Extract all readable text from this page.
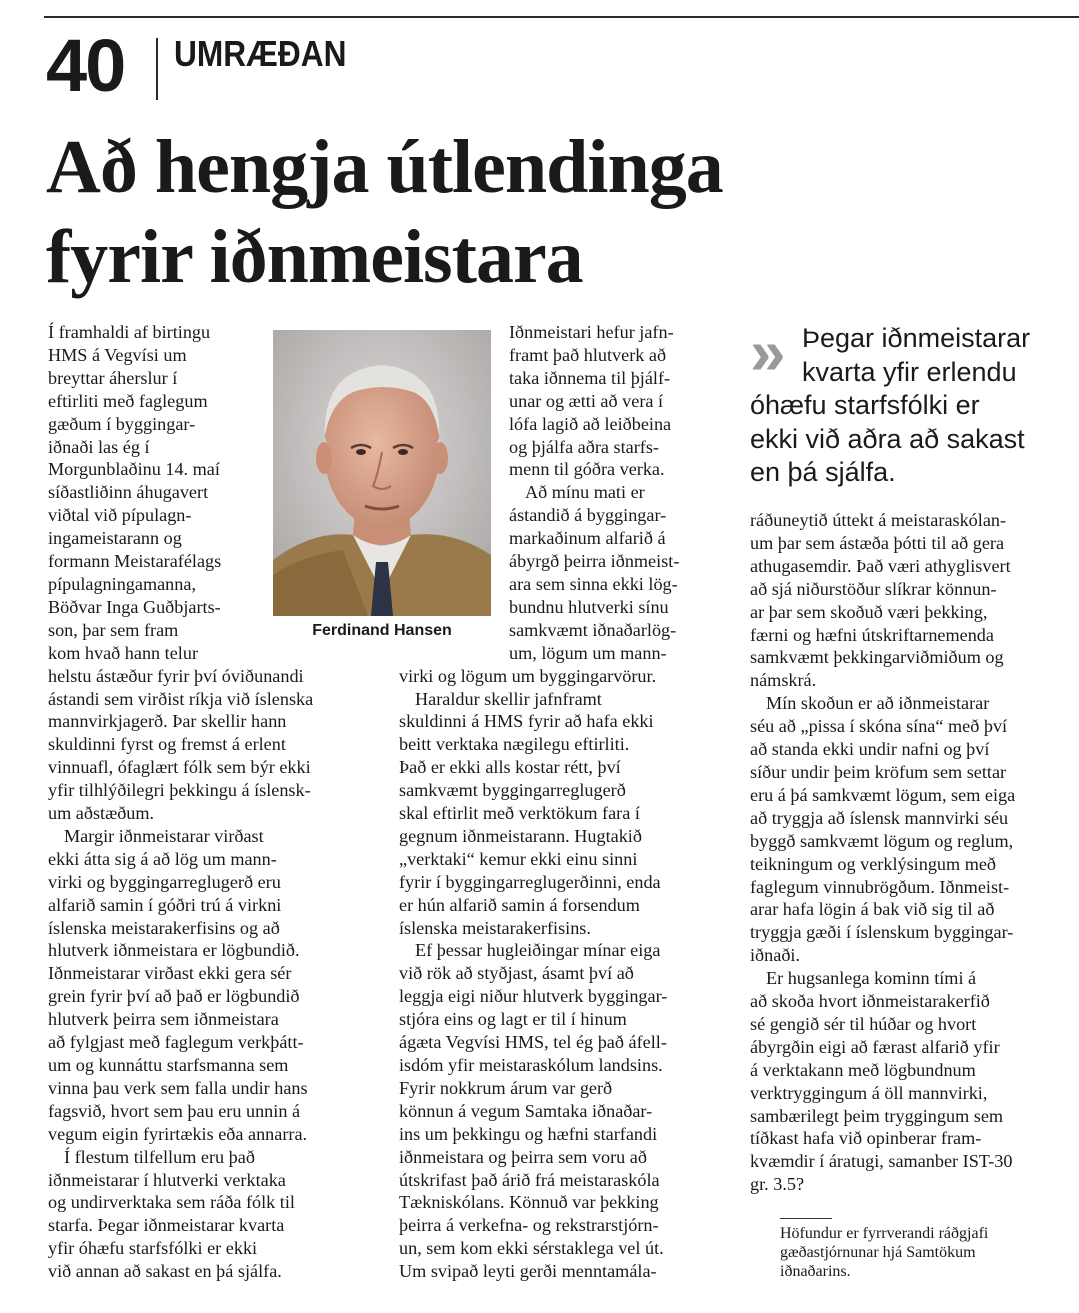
40 UMRÆÐAN
Að hengja útlendinga
fyrir iðnmeistara
Í framhaldi af birtingu
HMS á Vegvísi um
breyttar áherslur í
eftirliti með faglegum
gæðum í byggingar-
iðnaði las ég í
Morgunblaðinu 14. maí
síðastliðinn áhugavert
viðtal við pípulagn-
ingameistarann og
formann Meistarafélags
pípulagningamanna,
Böðvar Inga Guðbjarts-
son, þar sem fram
kom hvað hann telur
helstu ástæður fyrir því óviðunandi
ástandi sem virðist ríkja við íslenska
mannvirkjagerð. Þar skellir hann
skuldinni fyrst og fremst á erlent
vinnuafl, ófaglært fólk sem býr ekki
yfir tilhlýðilegri þekkingu á íslensk-
um aðstæðum.
Margir iðnmeistarar virðast
ekki átta sig á að lög um mann-
virki og byggingarreglugerð eru
alfarið samin í góðri trú á virkni
íslenska meistarakerfisins og að
hlutverk iðnmeistara er lögbundið.
Iðnmeistarar virðast ekki gera sér
grein fyrir því að það er lögbundið
hlutverk þeirra sem iðnmeistara
að fylgjast með faglegum verkþátt-
um og kunnáttu starfsmanna sem
vinna þau verk sem falla undir hans
fagsvið, hvort sem þau eru unnin á
vegum eigin fyrirtækis eða annarra.
Í flestum tilfellum eru það
iðnmeistarar í hlutverki verktaka
og undirverktaka sem ráða fólk til
starfa. Þegar iðnmeistarar kvarta
yfir óhæfu starfsfólki er ekki
við annan að sakast en þá sjálfa.
Ferdinand Hansen
Iðnmeistari hefur jafn-
framt það hlutverk að
taka iðnnema til þjálf-
unar og ætti að vera í
lófa lagið að leiðbeina
og þjálfa aðra starfs-
menn til góðra verka.
Að mínu mati er
ástandið á byggingar-
markaðinum alfarið á
ábyrgð þeirra iðnmeist-
ara sem sinna ekki lög-
bundnu hlutverki sínu
samkvæmt iðnaðarlög-
um, lögum um mann-
virki og lögum um byggingarvörur.
Haraldur skellir jafnframt
skuldinni á HMS fyrir að hafa ekki
beitt verktaka nægilegu eftirliti.
Það er ekki alls kostar rétt, því
samkvæmt byggingarreglugerð
skal eftirlit með verktökum fara í
gegnum iðnmeistarann. Hugtakið
„verktaki“ kemur ekki einu sinni
fyrir í byggingarreglugerðinni, enda
er hún alfarið samin á forsendum
íslenska meistarakerfisins.
Ef þessar hugleiðingar mínar eiga
við rök að styðjast, ásamt því að
leggja eigi niður hlutverk byggingar-
stjóra eins og lagt er til í hinum
ágæta Vegvísi HMS, tel ég það áfell-
isdóm yfir meistaraskólum landsins.
Fyrir nokkrum árum var gerð
könnun á vegum Samtaka iðnaðar-
ins um þekkingu og hæfni starfandi
iðnmeistara og þeirra sem voru að
útskrifast það árið frá meistaraskóla
Tækniskólans. Könnuð var þekking
þeirra á verkefna- og rekstrarstjórn-
un, sem kom ekki sérstaklega vel út.
Um svipað leyti gerði menntamála-
» Þegar iðnmeistarar
kvarta yfir erlendu
óhæfu starfsfólki er
ekki við aðra að sakast
en þá sjálfa.
ráðuneytið úttekt á meistaraskólan-
um þar sem ástæða þótti til að gera
athugasemdir. Það væri athyglisvert
að sjá niðurstöður slíkrar könnun-
ar þar sem skoðuð væri þekking,
færni og hæfni útskriftarnemenda
samkvæmt þekkingarviðmiðum og
námskrá.
Mín skoðun er að iðnmeistarar
séu að „pissa í skóna sína“ með því
að standa ekki undir nafni og því
síður undir þeim kröfum sem settar
eru á þá samkvæmt lögum, sem eiga
að tryggja að íslensk mannvirki séu
byggð samkvæmt lögum og reglum,
teikningum og verklýsingum með
faglegum vinnubrögðum. Iðnmeist-
arar hafa lögin á bak við sig til að
tryggja gæði í íslenskum byggingar-
iðnaði.
Er hugsanlega kominn tími á
að skoða hvort iðnmeistarakerfið
sé gengið sér til húðar og hvort
ábyrgðin eigi að færast alfarið yfir
á verktakann með lögbundnum
verktryggingum á öll mannvirki,
sambærilegt þeim tryggingum sem
tíðkast hafa við opinberar fram-
kvæmdir í áratugi, samanber IST-30
gr. 3.5?
Höfundur er fyrrverandi ráðgjafi
gæðastjórnunar hjá Samtökum
iðnaðarins.
